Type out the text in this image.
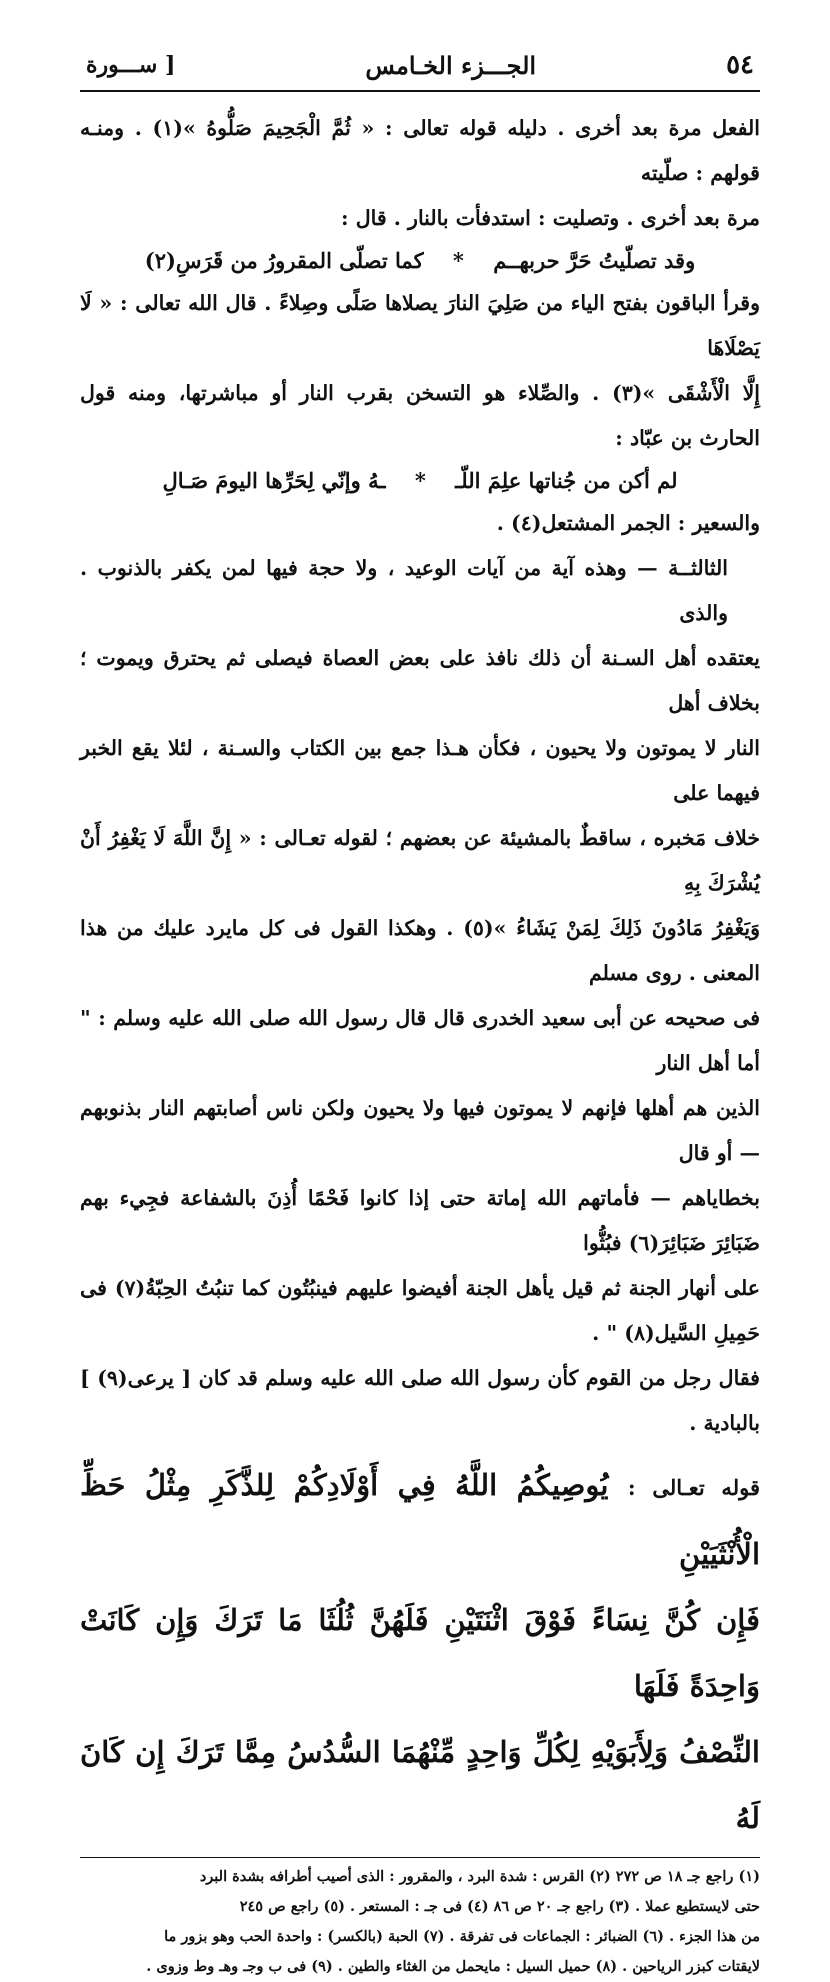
٥٤
الجـــزء الخـامس
[ ســـورة

الفعل مرة بعد أخرى . دليله قوله تعالى : « ثُمَّ الْجَحِيمَ صَلُّوهُ »(١) . ومنـه قولهم : صلّيته

مرة بعد أخرى . وتصليت : استدفأت بالنار . قال :

وقد تصلّيتُ حَرَّ حربهــم * كما تصلّى المقرورُ من قَرَسِ(٢)

وقرأ الباقون بفتح الياء من صَلِيَ النارَ يصلاها صَلًى وصِلاءً . قال الله تعالى : « لَا يَصْلَاهَا

إِلَّا الْأَشْقَى »(٣) . والصِّلاء هو التسخن بقرب النار أو مباشرتها، ومنه قول الحارث بن عبّاد :

لم أكن من جُناتها علِمَ اللّـ * ـهُ وإنّي لِحَرِّها اليومَ صَـالِ

والسعير : الجمر المشتعل(٤) .

الثالثــة — وهذه آية من آيات الوعيد ، ولا حجة فيها لمن يكفر بالذنوب . والذى

يعتقده أهل السـنة أن ذلك نافذ على بعض العصاة فيصلى ثم يحترق ويموت ؛ بخلاف أهل

النار لا يموتون ولا يحيون ، فكأن هـذا جمع بين الكتاب والسـنة ، لئلا يقع الخبر فيهما على

خلاف مَخبره ، ساقطٌ بالمشيئة عن بعضهم ؛ لقوله تعـالى : « إِنَّ اللَّهَ لَا يَغْفِرُ أَنْ يُشْرَكَ بِهِ

وَيَغْفِرُ مَادُونَ ذَلِكَ لِمَنْ يَشَاءُ »(٥) . وهكذا القول فى كل مايرد عليك من هذا المعنى . روى مسلم

فى صحيحه عن أبى سعيد الخدرى قال قال رسول الله صلى الله عليه وسلم : " أما أهل النار

الذين هم أهلها فإنهم لا يموتون فيها ولا يحيون ولكن ناس أصابتهم النار بذنوبهم — أو قال

بخطاياهم — فأماتهم الله إماتة حتى إذا كانوا فَحْمًا أُذِنَ بالشفاعة فجِيء بهم ضَبَائِرَ ضَبَائِرَ(٦) فبُثُّوا

على أنهار الجنة ثم قيل يأهل الجنة أفيضوا عليهم فينبُتُون كما تنبُتُ الحِبّةُ(٧) فى حَمِيلِ السَّيل(٨) " .

فقال رجل من القوم كأن رسول الله صلى الله عليه وسلم قد كان [ يرعى(٩) ] بالبادية .

قوله تعـالى : يُوصِيكُمُ اللَّهُ فِي أَوْلَادِكُمْ لِلذَّكَرِ مِثْلُ حَظِّ الْأُنْثَيَيْنِ

فَإِن كُنَّ نِسَاءً فَوْقَ اثْنَتَيْنِ فَلَهُنَّ ثُلُثَا مَا تَرَكَ وَإِن كَانَتْ وَاحِدَةً فَلَهَا

النِّصْفُ وَلِأَبَوَيْهِ لِكُلِّ وَاحِدٍ مِّنْهُمَا السُّدُسُ مِمَّا تَرَكَ إِن كَانَ لَهُ

(١) راجع جـ ١٨ ص ٢٧٢ (٢) القرس : شدة البرد ، والمقرور : الذى أصيب أطرافه بشدة البرد
حتى لايستطيع عملا . (٣) راجع جـ ٢٠ ص ٨٦ (٤) فى جـ : المستعر . (٥) راجع ص ٢٤٥
من هذا الجزء . (٦) الضبائر : الجماعات فى تفرقة . (٧) الحبة (بالكسر) : واحدة الحب وهو بزور ما
لايقتات كبزر الرياحين . (٨) حميل السيل : مايحمل من الغثاء والطين . (٩) فى ب وجـ وهـ وط وزوى .
